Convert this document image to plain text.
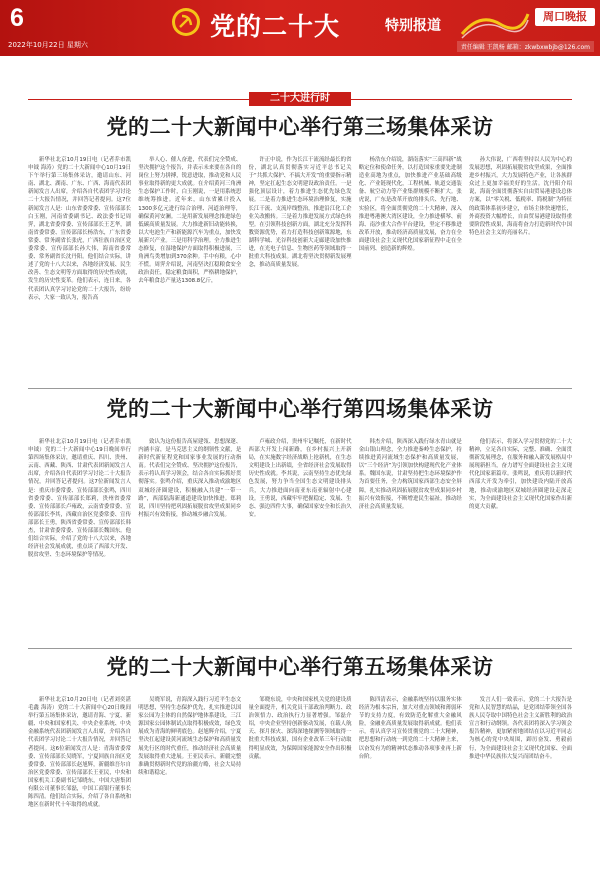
6	党的二十大	特别报道
周口晚报
2022年10月22日 星期六	责任编辑 王凯杨 邮箱：zkwbxwbjb@126.com
二十大进行时
党的二十大新闻中心举行第三场集体采访

新华社北京10月19日电（记者乔市凯 申钺 海涛）党的二十大新闻中心10月19日下午举行第三场集体采访，邀请山东、河南、湖北、湖南、广东、广西、海南代表团新闻发言人出席，介绍各自代表团学习讨论二十大报告情况，并回答记者提问。这7位新闻发言人是：山东省委常委、宣传部部长白玉刚，河南省委副书记、政法委书记周霁，湖北省委常委、宣传部部长王艺华，湖南省委常委、宣传部部长杨浩东，广东省委常委、常务副省长张虎，广西壮族自治区党委常委、宣传部部长孙大伟，海南省委常委、常务副省长沈丹阳。他们结合实际，讲述了党的十八大以来，各地经济发展、民生改善、生态文明等方面取得的历史性成就，发生的历史性变革。他们表示，连日来，各代表团认真学习讨论党的二十大报告，纷纷表示，大家一致认为，报告高

举人心、催人奋进，代表们完全赞成、坚决拥护这个报告，并表示未来要在各自的岗位上努力拼搏，锐意进取，推动党和人民事业取得新的更大成就。在介绍黄河三角洲生态保护工作时，白玉刚说，一是用系统思维统筹推进。近年来，山东省累计投入1300多亿元进行综合治理、河道治理等，确保黄河安澜。二是用新发展理念推进绿色低碳高质量发展。大力推进新旧动能转换，以大电池生产和新能源汽车为重点，加快发展新兴产业。三是用科学治理。全力推进生态修复，在湿地保护方面取得积极进展，三角洲鸟类增加到370余种。手中有粮，心中不慌。周霁介绍说，河南坚决扛稳粮食安全政治责任，稳定粮食面积，严格耕地保护，去年粮食总产量达1308.8亿斤，

许正中说，作为长江干流流经最长的省份，湖北认真贯彻落实习近平总书记关于“共抓大保护、不搞大开发”的重要指示精神，坚定扛起生态文明建设政治责任。一是强化顶层设计，着力推进生态优先绿色发展。二是着力推进生态环境治理修复，实施长江干流、支流岸线整治，推进沿江化工企业关改搬转。三是着力推进发展方式绿色转型。在引领科技创新方面，湖北充分发挥科教资源优势，着力打造科技创新策源地，东湖科学城、光谷科技创新大走廊建设加快推进，在光电子信息、生物医药等领域取得一批重大科技成果。湖北将坚决贯彻新发展理念，推动高质量发展。

杨浩东介绍说，湖南落实“三高四新”战略定位和使命任务，以打造国家重要先进制造业高地为重点，加快推进产业基础高级化、产业链现代化，工程机械、轨道交通装备、航空动力等产业集群规模不断扩大。张虎说，广东是改革开放的排头兵、先行地、实验区，将全面贯彻党的二十大精神，深入推进粤港澳大湾区建设，全力推进横琴、前海、南沙重大合作平台建设，坚定不移推进改革开放，推动经济高质量发展，奋力在全面建设社会主义现代化国家新征程中走在全国前列、创造新的辉煌。

孙大伟说，广西将坚持以人民为中心的发展思想，巩固拓展脱贫攻坚成果，全面推进乡村振兴，大力发展特色产业，让各族群众过上更加幸福美好的生活。沈丹阳介绍说，海南全面贯彻落实自由贸易港建设总体方案，以“零关税、低税率、简税制”为特征的政策体系初步建立，市场主体快速增长，外商投资大幅增长，自由贸易港建设取得重要阶段性成果，海南将奋力打造新时代中国特色社会主义的亮丽名片。

党的二十大新闻中心举行第四场集体采访

新华社北京10月19日电（记者乔市凯 申钺）党的二十大新闻中心19日晚间举行第四场集体采访，邀请重庆、四川、贵州、云南、西藏、陕西、甘肃代表团新闻发言人出席，介绍各自代表团学习讨论二十大报告情况，并回答记者提问。这7位新闻发言人是：重庆市委常委、宣传部部长张鸣，四川省委常委、宣传部部长郑莉，贵州省委常委、宣传部部长卢雍政，云南省委常委、宣传部部长李其，西藏自治区党委常委、宣传部部长王勇，陕西省委常委、宣传部部长韩杰，甘肃省委常委、宣传部部长魏国东。他们结合实际，介绍了党的十八大以来，各地经济社会发展成就，重点谈了西部大开发、脱贫攻坚、生态环境保护等情况。

致认为这份报告高屋建瓴、思想深邃、内涵丰富，是马克思主义的纲领性文献，是新时代新征程党和国家事业发展的行动指南。代表们完全赞成、坚决拥护这份报告，表示将认真学习领会，结合各自实际抓好贯彻落实。张鸣介绍，重庆深入推动成渝地区双城经济圈建设，积极融入共建“一带一路”，西部陆海新通道建设加快推进。郑莉说，四川坚持把巩固拓展脱贫攻坚成果同乡村振兴有效衔接，推动城乡融合发展。

卢雍政介绍，贵州牢记嘱托，在新时代西部大开发上闯新路，在乡村振兴上开新局，在实施数字经济战略上抢新机，在生态文明建设上出新绩，全省经济社会发展取得历史性成就。李其说，云南坚持生态优先绿色发展，努力争当全国生态文明建设排头兵，大力推进面向南亚东南亚辐射中心建设。王勇说，西藏牢牢把握稳定、发展、生态、强边四件大事，确保国家安全和长治久安。

韩杰介绍，陕西深入践行绿水青山就是金山银山理念，全力推进秦岭生态保护，持续推进黄河流域生态保护和高质量发展，以“三个经济”为引领加快构建现代化产业体系。魏国东说，甘肃坚持把生态环境保护作为首要任务，全力构筑国家西部生态安全屏障，扎实推动巩固拓展脱贫攻坚成果同乡村振兴有效衔接，不断增进民生福祉，推动经济社会高质量发展。

他们表示，将深入学习贯彻党的二十大精神，立足各自实际，完整、准确、全面贯彻新发展理念，在服务和融入新发展格局中展现新担当，奋力谱写全面建设社会主义现代化国家新篇章。张鸣说，重庆将以新时代西部大开发为牵引，加快建设内陆开放高地，推动成渝地区双城经济圈建设走深走实，为全面建设社会主义现代化国家作出新的更大贡献。

党的二十大新闻中心举行第五场集体采访

新华社北京10月20日电（记者刘奕湛 毛鑫 海涛）党的二十大新闻中心20日晚间举行第五场集体采访，邀请青海、宁夏、新疆、中央和国家机关、中央企业系统、中央金融系统代表团新闻发言人出席，介绍各自代表团学习讨论二十大报告情况，并回答记者提问。这6位新闻发言人是：青海省委常委、宣传部部长吴晓军，宁夏回族自治区党委常委、宣传部部长赵旭辉，新疆维吾尔自治区党委常委、宣传部部长王亚民，中央和国家机关工委副书记邹晓东，中国大唐集团有限公司董事长邹磊，中国工商银行董事长陈四清。他们结合实际，介绍了各自系统和地区在新时代十年取得的成就。

吴晓军说，青海深入践行习近平生态文明思想，坚持生态保护优先，扎实推进以国家公园为主体的自然保护地体系建设，三江源国家公园体制试点取得积极成效，绿色发展成为青海的鲜明底色。赵旭辉介绍，宁夏坚决扛起建设黄河流域生态保护和高质量发展先行区的时代重任，推动经济社会高质量发展取得重大进展。王亚民表示，新疆完整准确贯彻新时代党的治疆方略，社会大局持续和谐稳定。

邹晓东说，中央和国家机关党的建设质量全面提升，机关党员干部政治判断力、政治领悟力、政治执行力显著增强。邹磊介绍，中央企业坚持创新驱动发展，在载人航天、探月探火、深海深地探测等领域取得一批重大科技成果，国有企业改革三年行动取得明显成效，为保障国家能源安全作出积极贡献。

陈四清表示，金融系统坚持以服务实体经济为根本宗旨，加大对重点领域和薄弱环节的支持力度，有效防范化解重大金融风险，金融业高质量发展取得新成就。他们表示，将认真学习宣传贯彻党的二十大精神，把思想和行动统一到党的二十大精神上来，以奋发有为的精神状态推动各项事业再上新台阶。

发言人们一致表示，党的二十大报告是党和人民智慧的结晶，是党团结带领全国各族人民夺取中国特色社会主义新胜利的政治宣言和行动纲领。各代表团将深入学习领会报告精神，更加紧密地团结在以习近平同志为核心的党中央周围，踔厉奋发、勇毅前行，为全面建设社会主义现代化国家、全面推进中华民族伟大复兴而团结奋斗。
